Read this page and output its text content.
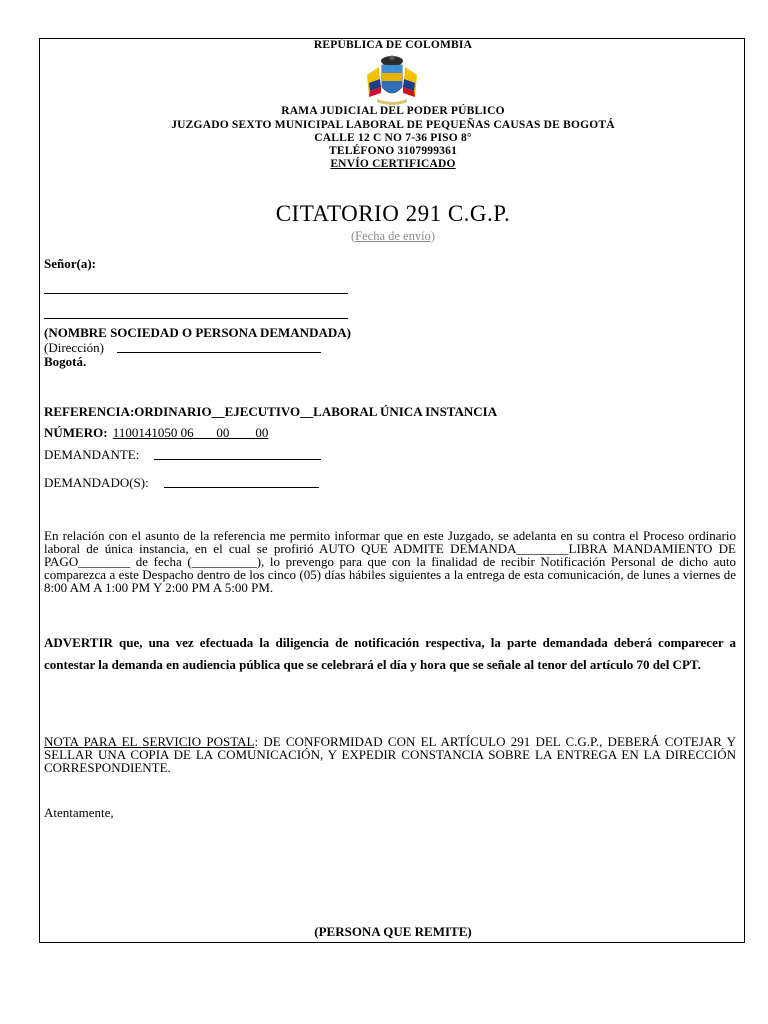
REPÚBLICA DE COLOMBIA
RAMA JUDICIAL DEL PODER PÚBLICO
JUZGADO SEXTO MUNICIPAL LABORAL DE PEQUEÑAS CAUSAS DE BOGOTÁ
CALLE 12 C NO 7-36 PISO 8°
TELÉFONO 3107999361
ENVÍO CERTIFICADO
CITATORIO 291 C.G.P.
(Fecha de envío)
Señor(a):
(NOMBRE SOCIEDAD O PERSONA DEMANDADA)
(Dirección)
Bogotá.
REFERENCIA:ORDINARIO__EJECUTIVO__LABORAL ÚNICA INSTANCIA
NÚMERO: 1100141050 06 00 00
DEMANDANTE:
DEMANDADO(S):
En relación con el asunto de la referencia me permito informar que en este Juzgado, se adelanta en su contra el Proceso ordinario laboral de única instancia, en el cual se profirió AUTO QUE ADMITE DEMANDA________LIBRA MANDAMIENTO DE PAGO________ de fecha (__________), lo prevengo para que con la finalidad de recibir Notificación Personal de dicho auto comparezca a este Despacho dentro de los cinco (05) días hábiles siguientes a la entrega de esta comunicación, de lunes a viernes de 8:00 AM A 1:00 PM Y 2:00 PM A 5:00 PM.
ADVERTIR que, una vez efectuada la diligencia de notificación respectiva, la parte demandada deberá comparecer a contestar la demanda en audiencia pública que se celebrará el día y hora que se señale al tenor del artículo 70 del CPT.
NOTA PARA EL SERVICIO POSTAL: DE CONFORMIDAD CON EL ARTÍCULO 291 DEL C.G.P., DEBERÁ COTEJAR Y SELLAR UNA COPIA DE LA COMUNICACIÓN, Y EXPEDIR CONSTANCIA SOBRE LA ENTREGA EN LA DIRECCIÓN CORRESPONDIENTE.
Atentamente,
(PERSONA QUE REMITE)
